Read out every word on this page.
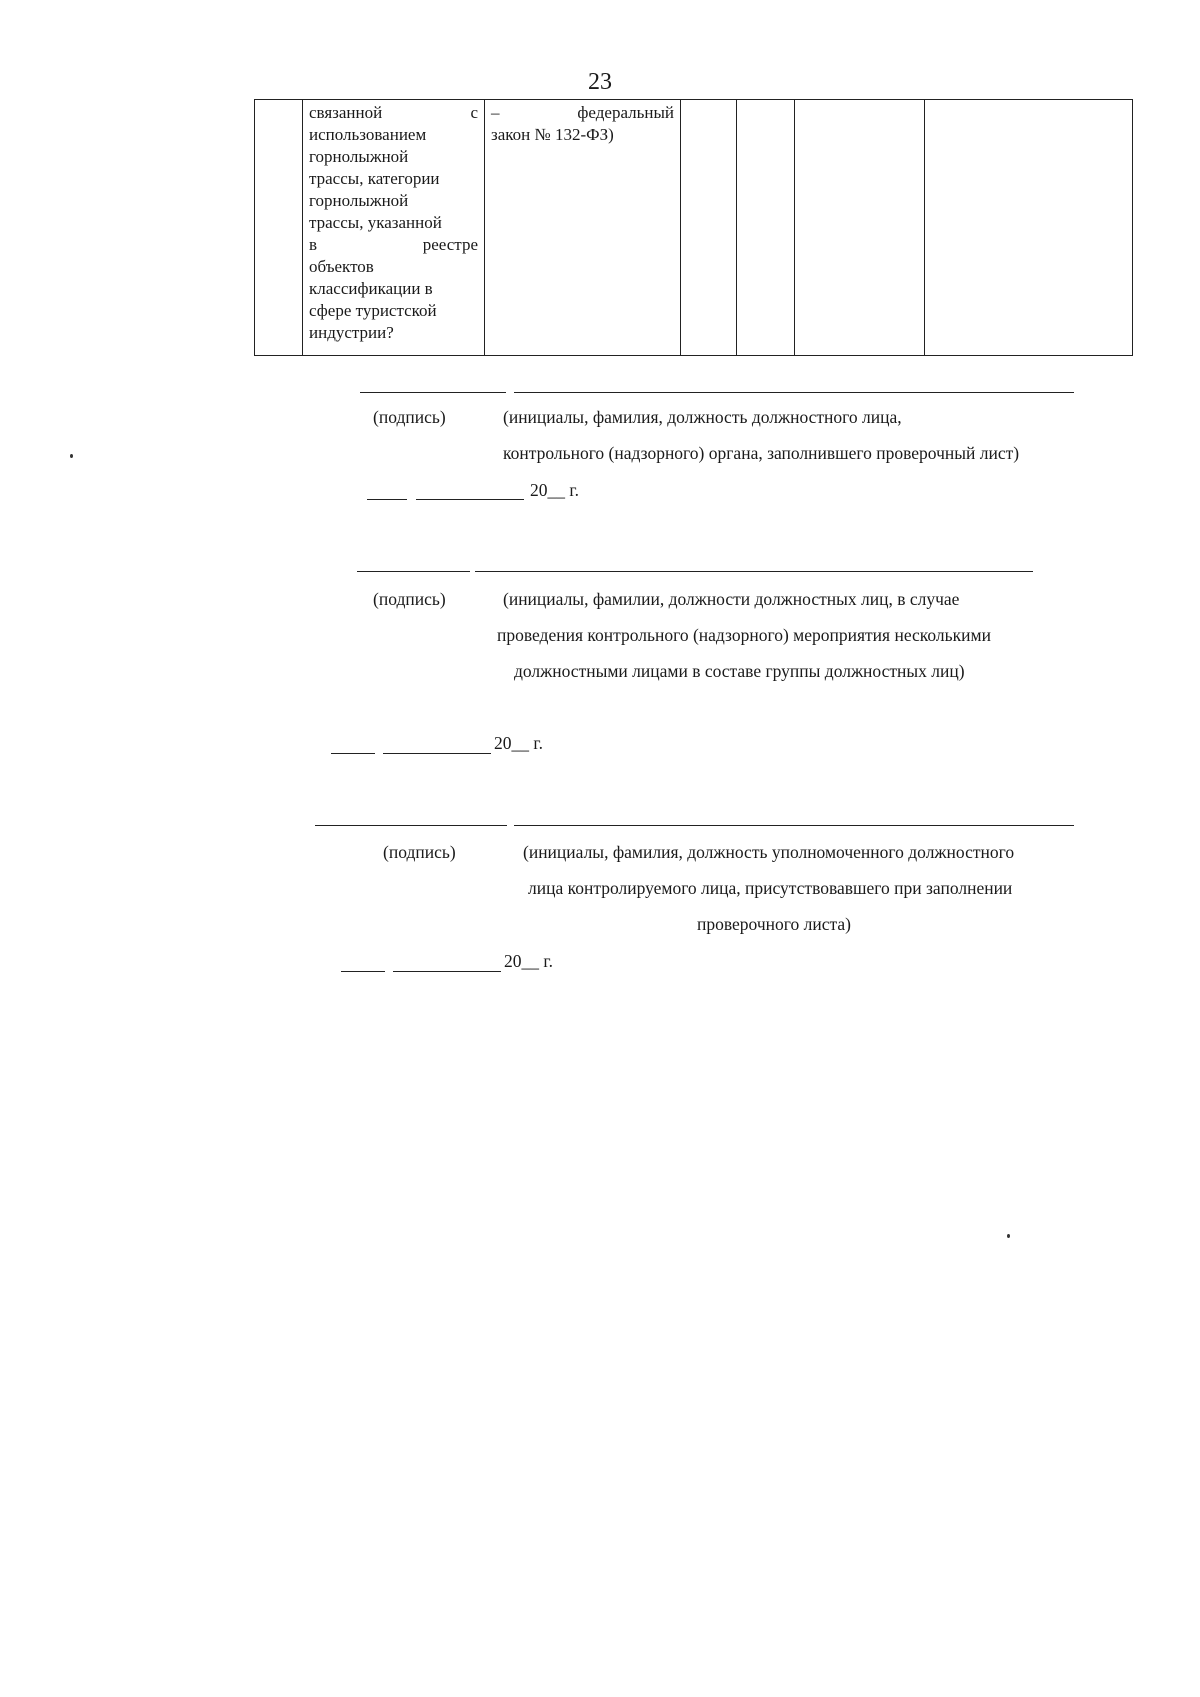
23

связанной	с
использованием
горнолыжной
трассы, категории
горнолыжной
трассы, указанной
в	реестре
объектов
классификации в
сфере туристской
индустрии?

–	федеральный
закон № 132-ФЗ)

(подпись)	(инициалы, фамилия, должность должностного лица,
контрольного (надзорного) органа, заполнившего проверочный лист)
20__ г.
(подпись)	(инициалы, фамилии, должности должностных лиц, в случае
проведения контрольного (надзорного) мероприятия несколькими
должностными лицами в составе группы должностных лиц)
20__ г.
(подпись)	(инициалы, фамилия, должность уполномоченного должностного
лица контролируемого лица, присутствовавшего при заполнении
проверочного листа)
20__ г.
